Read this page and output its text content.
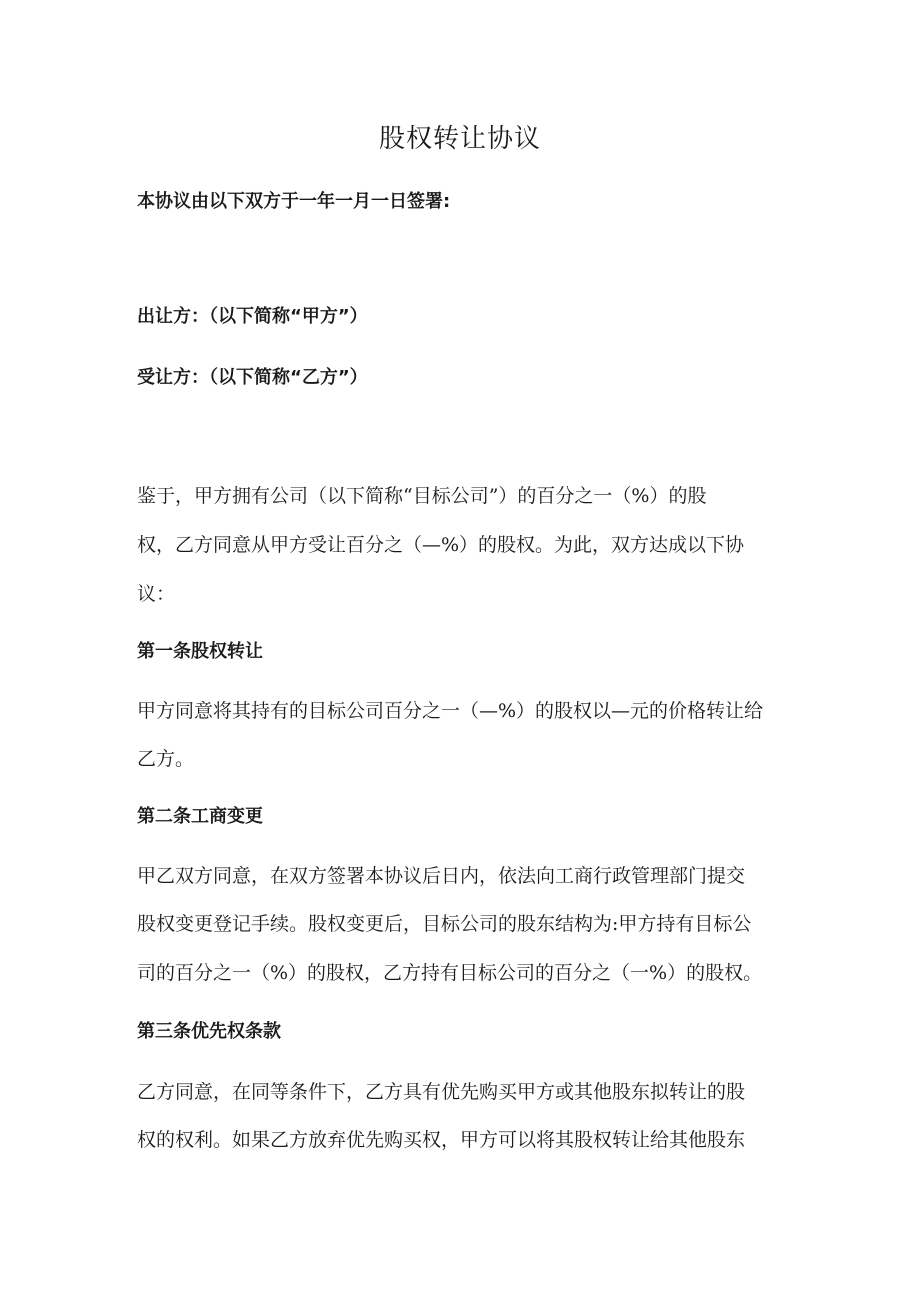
股权转让协议
本协议由以下双方于一年一月一日签署:
出让方：（以下简称“甲方”）
受让方：（以下简称“乙方”）
鉴于，甲方拥有公司（以下简称“目标公司”）的百分之一（%）的股
权，乙方同意从甲方受让百分之（—%）的股权。为此，双方达成以下协
议：
第一条股权转让
甲方同意将其持有的目标公司百分之一（—%）的股权以—元的价格转让给
乙方。
第二条工商变更
甲乙双方同意，在双方签署本协议后日内，依法向工商行政管理部门提交
股权变更登记手续。股权变更后，目标公司的股东结构为:甲方持有目标公
司的百分之一（%）的股权，乙方持有目标公司的百分之（一%）的股权。
第三条优先权条款
乙方同意，在同等条件下，乙方具有优先购买甲方或其他股东拟转让的股
权的权利。如果乙方放弃优先购买权，甲方可以将其股权转让给其他股东
